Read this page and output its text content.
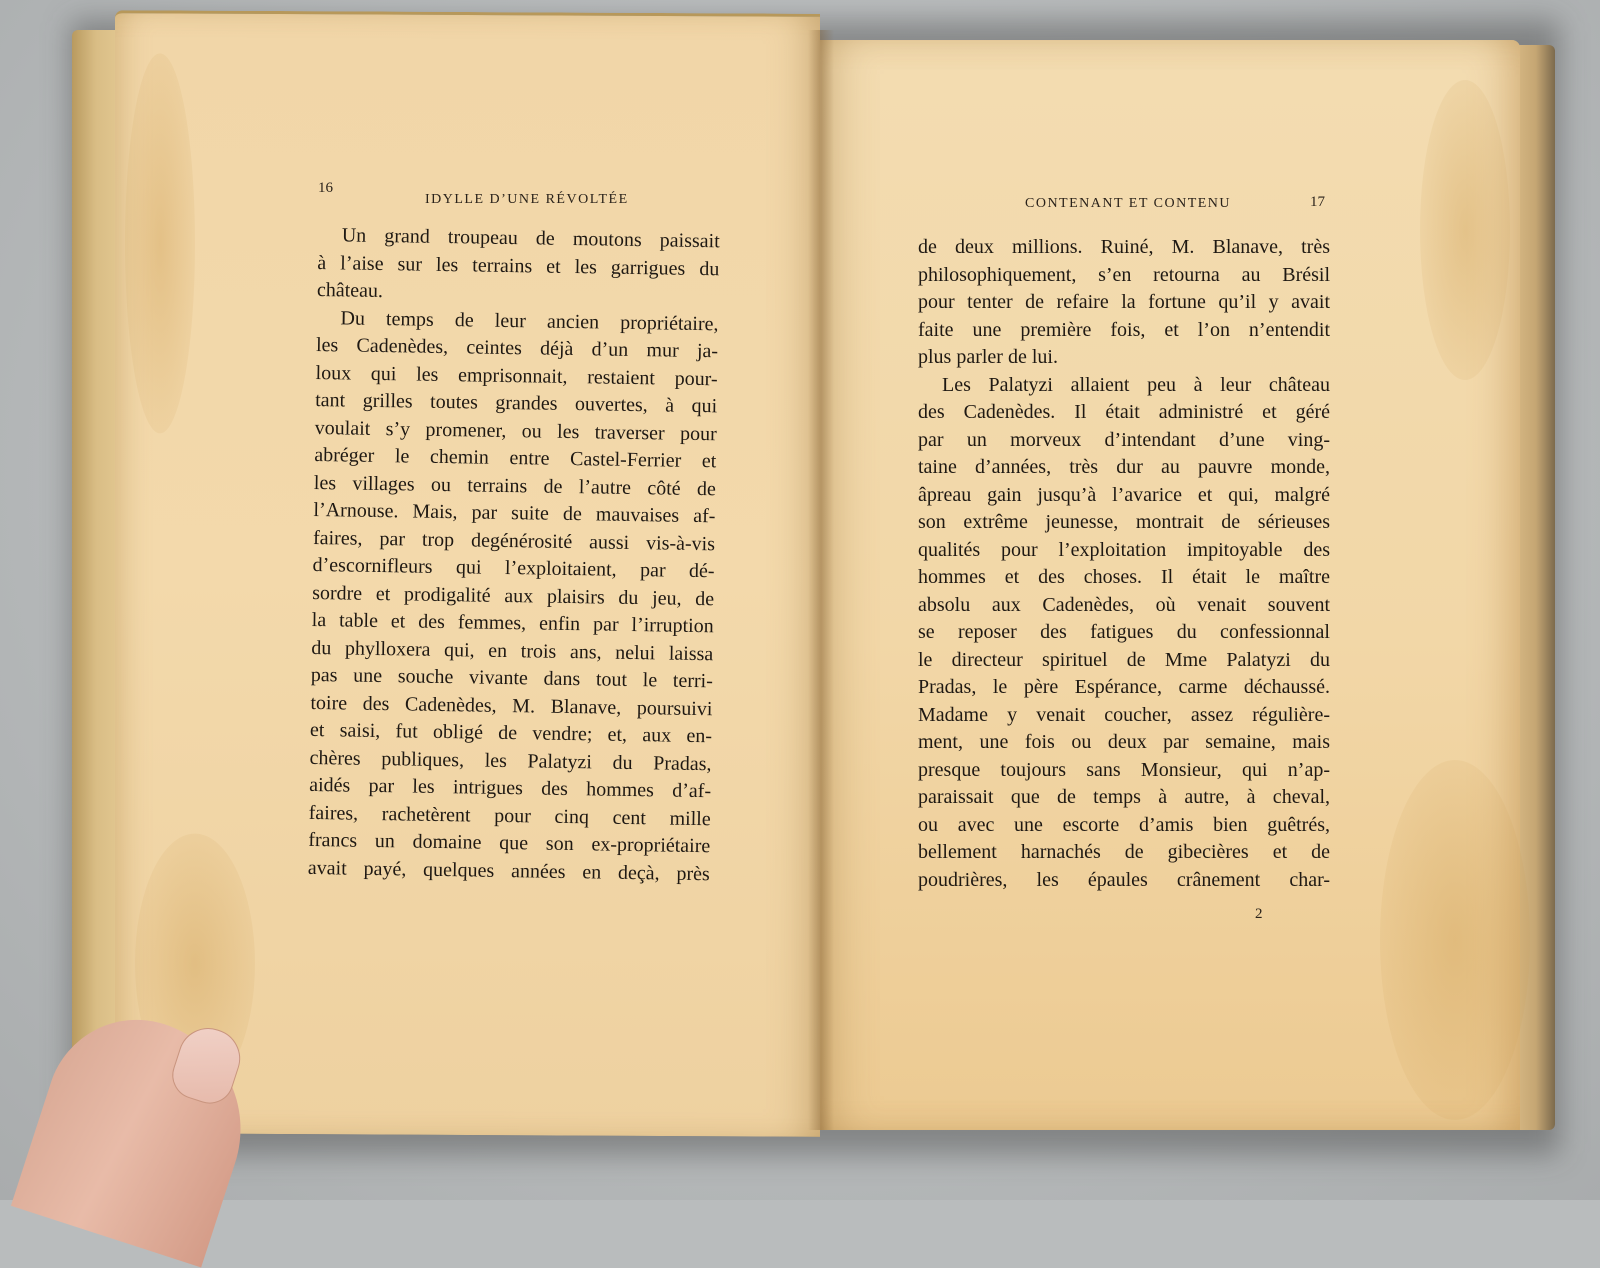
16
IDYLLE D’UNE RÉVOLTÉE	CONTENANT ET CONTENU	17
Un grand troupeau de moutons paissait
à l’aise sur les terrains et les garrigues du
château.
Du temps de leur ancien propriétaire,
les Cadenèdes, ceintes déjà d’un mur ja-
loux qui les emprisonnait, restaient pour-
tant grilles toutes grandes ouvertes, à qui
voulait s’y promener, ou les traverser pour
abréger le chemin entre Castel-Ferrier et
les villages ou terrains de l’autre côté de
l’Arnouse. Mais, par suite de mauvaises af-
faires, par trop degénérosité aussi vis-à-vis
d’escornifleurs qui l’exploitaient, par dé-
sordre et prodigalité aux plaisirs du jeu, de
la table et des femmes, enfin par l’irruption
du phylloxera qui, en trois ans, nelui laissa
pas une souche vivante dans tout le terri-
toire des Cadenèdes, M. Blanave, poursuivi
et saisi, fut obligé de vendre; et, aux en-
chères publiques, les Palatyzi du Pradas,
aidés par les intrigues des hommes d’af-
faires, rachetèrent pour cinq cent mille
francs un domaine que son ex-propriétaire
avait payé, quelques années en deçà, près
de deux millions. Ruiné, M. Blanave, très
philosophiquement, s’en retourna au Brésil
pour tenter de refaire la fortune qu’il y avait
faite une première fois, et l’on n’entendit
plus parler de lui.
Les Palatyzi allaient peu à leur château
des Cadenèdes. Il était administré et géré
par un morveux d’intendant d’une ving-
taine d’années, très dur au pauvre monde,
âpreau gain jusqu’à l’avarice et qui, malgré
son extrême jeunesse, montrait de sérieuses
qualités pour l’exploitation impitoyable des
hommes et des choses. Il était le maître
absolu aux Cadenèdes, où venait souvent
se reposer des fatigues du confessionnal
le directeur spirituel de Mme Palatyzi du
Pradas, le père Espérance, carme déchaussé.
Madame y venait coucher, assez régulière-
ment, une fois ou deux par semaine, mais
presque toujours sans Monsieur, qui n’ap-
paraissait que de temps à autre, à cheval,
ou avec une escorte d’amis bien guêtrés,
bellement harnachés de gibecières et de
poudrières, les épaules crânement char-
2
